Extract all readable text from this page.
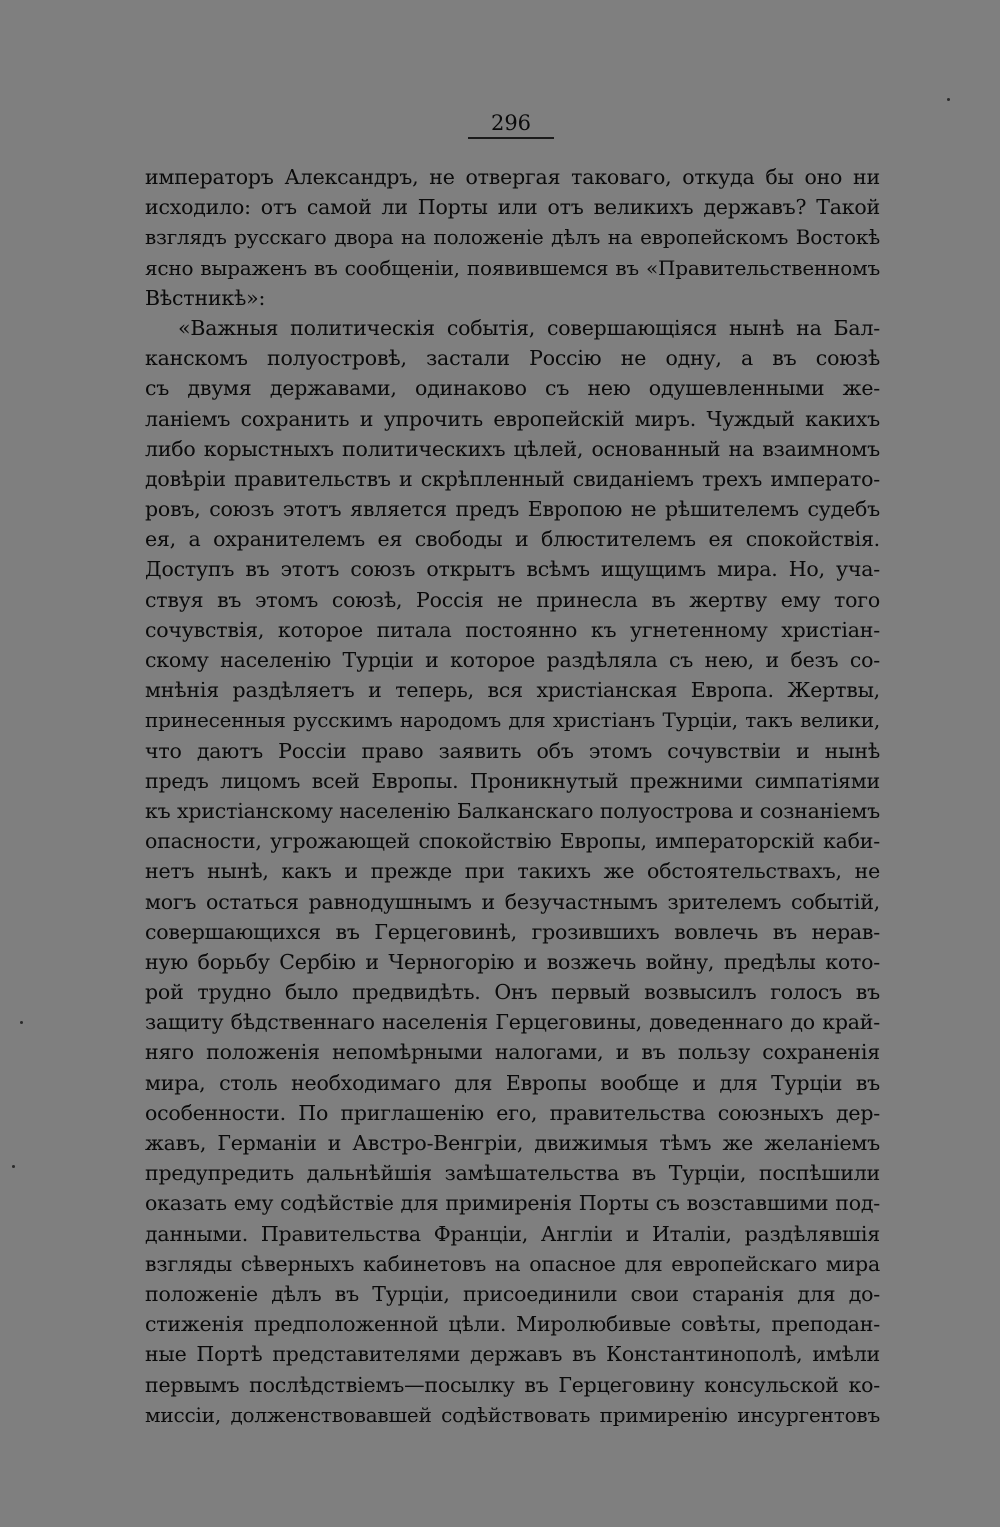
296
императоръ Александръ, не отвергая таковаго, откуда бы оно ни
исходило: отъ самой ли Порты или отъ великихъ державъ? Такой
взглядъ русскаго двора на положеніе дѣлъ на европейскомъ Востокѣ
ясно выраженъ въ сообщеніи, появившемся въ «Правительственномъ
Вѣстникѣ»:
«Важныя политическія событія, совершающіяся нынѣ на Бал-
канскомъ полуостровѣ, застали Россію не одну, а въ союзѣ
съ двумя державами, одинаково съ нею одушевленными же-
ланіемъ сохранить и упрочить европейскій миръ. Чуждый какихъ
либо корыстныхъ политическихъ цѣлей, основанный на взаимномъ
довѣріи правительствъ и скрѣпленный свиданіемъ трехъ императо-
ровъ, союзъ этотъ является предъ Европою не рѣшителемъ судебъ
ея, а охранителемъ ея свободы и блюстителемъ ея спокойствія.
Доступъ въ этотъ союзъ открытъ всѣмъ ищущимъ мира. Но, уча-
ствуя въ этомъ союзѣ, Россія не принесла въ жертву ему того
сочувствія, которое питала постоянно къ угнетенному христіан-
скому населенію Турціи и которое раздѣляла съ нею, и безъ со-
мнѣнія раздѣляетъ и теперь, вся христіанская Европа. Жертвы,
принесенныя русскимъ народомъ для христіанъ Турціи, такъ велики,
что даютъ Россіи право заявить объ этомъ сочувствіи и нынѣ
предъ лицомъ всей Европы. Проникнутый прежними симпатіями
къ христіанскому населенію Балканскаго полуострова и сознаніемъ
опасности, угрожающей спокойствію Европы, императорскій каби-
нетъ нынѣ, какъ и прежде при такихъ же обстоятельствахъ, не
могъ остаться равнодушнымъ и безучастнымъ зрителемъ событій,
совершающихся въ Герцеговинѣ, грозившихъ вовлечь въ нерав-
ную борьбу Сербію и Черногорію и возжечь войну, предѣлы кото-
рой трудно было предвидѣть. Онъ первый возвысилъ голосъ въ
защиту бѣдственнаго населенія Герцеговины, доведеннаго до край-
няго положенія непомѣрными налогами, и въ пользу сохраненія
мира, столь необходимаго для Европы вообще и для Турціи въ
особенности. По приглашенію его, правительства союзныхъ дер-
жавъ, Германіи и Австро-Венгріи, движимыя тѣмъ же желаніемъ
предупредить дальнѣйшія замѣшательства въ Турціи, поспѣшили
оказать ему содѣйствіе для примиренія Порты съ возставшими под-
данными. Правительства Франціи, Англіи и Италіи, раздѣлявшія
взгляды сѣверныхъ кабинетовъ на опасное для европейскаго мира
положеніе дѣлъ въ Турціи, присоединили свои старанія для до-
стиженія предположенной цѣли. Миролюбивые совѣты, преподан-
ные Портѣ представителями державъ въ Константинополѣ, имѣли
первымъ послѣдствіемъ—посылку въ Герцеговину консульской ко-
миссіи, долженствовавшей содѣйствовать примиренію инсургентовъ
